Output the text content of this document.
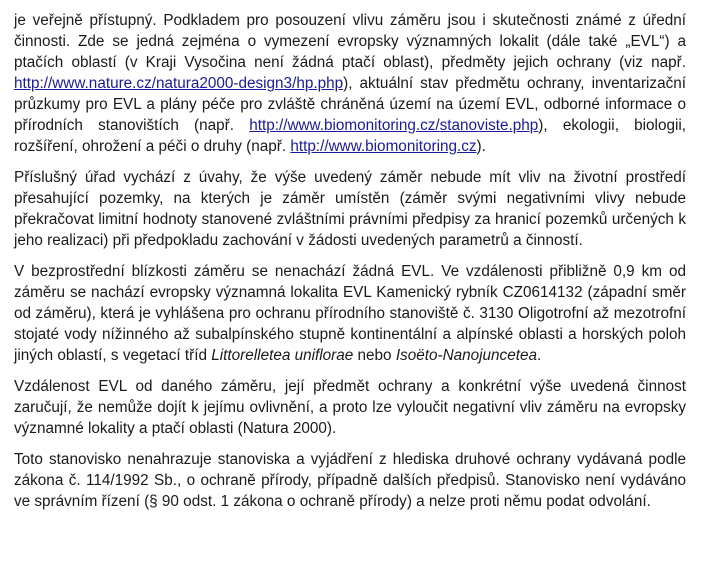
je veřejně přístupný. Podkladem pro posouzení vlivu záměru jsou i skutečnosti známé z úřední činnosti. Zde se jedná zejména o vymezení evropsky významných lokalit (dále také „EVL“) a ptačích oblastí (v Kraji Vysočina není žádná ptačí oblast), předměty jejich ochrany (viz např. http://www.nature.cz/natura2000-design3/hp.php), aktuální stav předmětu ochrany, inventarizační průzkumy pro EVL a plány péče pro zvláště chráněná území na území EVL, odborné informace o přírodních stanovištích (např. http://www.biomonitoring.cz/stanoviste.php), ekologii, biologii, rozšíření, ohrožení a péči o druhy (např. http://www.biomonitoring.cz).

Příslušný úřad vychází z úvahy, že výše uvedený záměr nebude mít vliv na životní prostředí přesahující pozemky, na kterých je záměr umístěn (záměr svými negativními vlivy nebude překračovat limitní hodnoty stanovené zvláštními právními předpisy za hranicí pozemků určených k jeho realizaci) při předpokladu zachování v žádosti uvedených parametrů a činností.

V bezprostřední blízkosti záměru se nenachází žádná EVL. Ve vzdálenosti přibližně 0,9 km od záměru se nachází evropsky významná lokalita EVL Kamenický rybník CZ0614132 (západní směr od záměru), která je vyhlášena pro ochranu přírodního stanoviště č. 3130 Oligotrofní až mezotrofní stojaté vody nížinného až subalpínského stupně kontinentální a alpínské oblasti a horských poloh jiných oblastí, s vegetací tříd Littorelletea uniflorae nebo Isoëto-Nanojuncetea.

Vzdálenost EVL od daného záměru, její předmět ochrany a konkrétní výše uvedená činnost zaručují, že nemůže dojít k jejímu ovlivnění, a proto lze vyloučit negativní vliv záměru na evropsky významné lokality a ptačí oblasti (Natura 2000).

Toto stanovisko nenahrazuje stanoviska a vyjádření z hlediska druhové ochrany vydávaná podle zákona č. 114/1992 Sb., o ochraně přírody, případně dalších předpisů. Stanovisko není vydáváno ve správním řízení (§ 90 odst. 1 zákona o ochraně přírody) a nelze proti němu podat odvolání.
